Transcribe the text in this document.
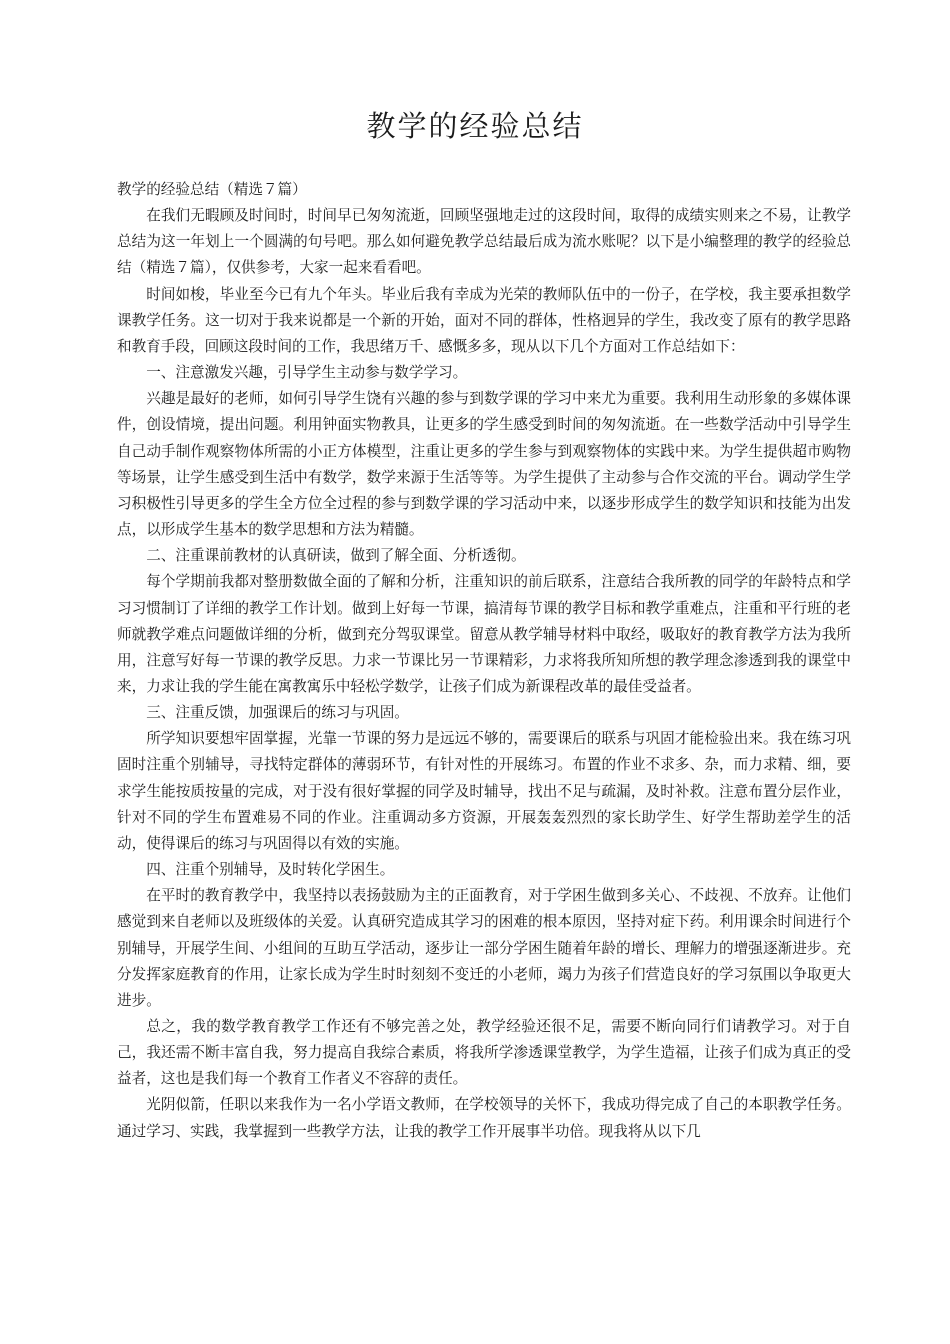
教学的经验总结

教学的经验总结（精选７篇）

在我们无暇顾及时间时，时间早已匆匆流逝，回顾坚强地走过的这段时间，取得的成绩实则来之不易，让教学总结为这一年划上一个圆满的句号吧。那么如何避免教学总结最后成为流水账呢？以下是小编整理的教学的经验总结（精选７篇），仅供参考，大家一起来看看吧。

时间如梭，毕业至今已有九个年头。毕业后我有幸成为光荣的教师队伍中的一份子，在学校，我主要承担数学课教学任务。这一切对于我来说都是一个新的开始，面对不同的群体，性格迥异的学生，我改变了原有的教学思路和教育手段，回顾这段时间的工作，我思绪万千、感慨多多，现从以下几个方面对工作总结如下：

一、注意激发兴趣，引导学生主动参与数学学习。

兴趣是最好的老师，如何引导学生饶有兴趣的参与到数学课的学习中来尤为重要。我利用生动形象的多媒体课件，创设情境，提出问题。利用钟面实物教具，让更多的学生感受到时间的匆匆流逝。在一些数学活动中引导学生自己动手制作观察物体所需的小正方体模型，注重让更多的学生参与到观察物体的实践中来。为学生提供超市购物等场景，让学生感受到生活中有数学，数学来源于生活等等。为学生提供了主动参与合作交流的平台。调动学生学习积极性引导更多的学生全方位全过程的参与到数学课的学习活动中来，以逐步形成学生的数学知识和技能为出发点，以形成学生基本的数学思想和方法为精髓。

二、注重课前教材的认真研读，做到了解全面、分析透彻。

每个学期前我都对整册数做全面的了解和分析，注重知识的前后联系，注意结合我所教的同学的年龄特点和学习习惯制订了详细的教学工作计划。做到上好每一节课，搞清每节课的教学目标和教学重难点，注重和平行班的老师就教学难点问题做详细的分析，做到充分驾驭课堂。留意从教学辅导材料中取经，吸取好的教育教学方法为我所用，注意写好每一节课的教学反思。力求一节课比另一节课精彩，力求将我所知所想的教学理念渗透到我的课堂中来，力求让我的学生能在寓教寓乐中轻松学数学，让孩子们成为新课程改革的最佳受益者。

三、注重反馈，加强课后的练习与巩固。

所学知识要想牢固掌握，光靠一节课的努力是远远不够的，需要课后的联系与巩固才能检验出来。我在练习巩固时注重个别辅导，寻找特定群体的薄弱环节，有针对性的开展练习。布置的作业不求多、杂，而力求精、细，要求学生能按质按量的完成，对于没有很好掌握的同学及时辅导，找出不足与疏漏，及时补救。注意布置分层作业，针对不同的学生布置难易不同的作业。注重调动多方资源，开展轰轰烈烈的家长助学生、好学生帮助差学生的活动，使得课后的练习与巩固得以有效的实施。

四、注重个别辅导，及时转化学困生。

在平时的教育教学中，我坚持以表扬鼓励为主的正面教育，对于学困生做到多关心、不歧视、不放弃。让他们感觉到来自老师以及班级体的关爱。认真研究造成其学习的困难的根本原因，坚持对症下药。利用课余时间进行个别辅导，开展学生间、小组间的互助互学活动，逐步让一部分学困生随着年龄的增长、理解力的增强逐渐进步。充分发挥家庭教育的作用，让家长成为学生时时刻刻不变迁的小老师，竭力为孩子们营造良好的学习氛围以争取更大进步。

总之，我的数学教育教学工作还有不够完善之处，教学经验还很不足，需要不断向同行们请教学习。对于自己，我还需不断丰富自我，努力提高自我综合素质，将我所学渗透课堂教学，为学生造福，让孩子们成为真正的受益者，这也是我们每一个教育工作者义不容辞的责任。

光阴似箭，任职以来我作为一名小学语文教师，在学校领导的关怀下，我成功得完成了自己的本职教学任务。通过学习、实践，我掌握到一些教学方法，让我的教学工作开展事半功倍。现我将从以下几
